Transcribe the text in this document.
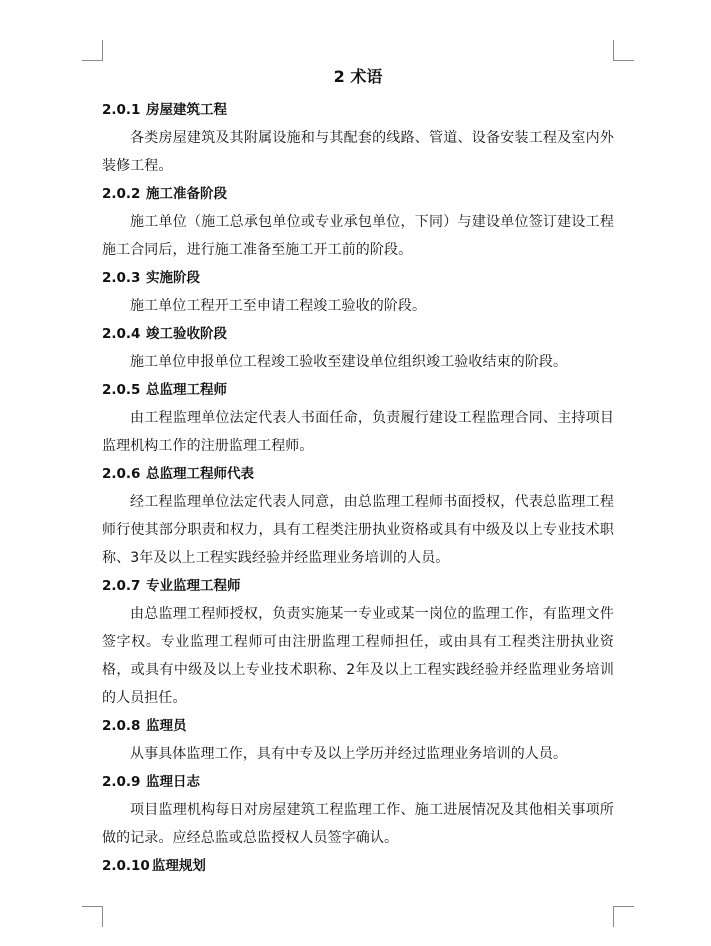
2 术语
2.0.1 房屋建筑工程

各类房屋建筑及其附属设施和与其配套的线路、管道、设备安装工程及室内外装修工程。

2.0.2 施工准备阶段

施工单位（施工总承包单位或专业承包单位，下同）与建设单位签订建设工程施工合同后，进行施工准备至施工开工前的阶段。

2.0.3 实施阶段

施工单位工程开工至申请工程竣工验收的阶段。

2.0.4 竣工验收阶段

施工单位申报单位工程竣工验收至建设单位组织竣工验收结束的阶段。

2.0.5 总监理工程师

由工程监理单位法定代表人书面任命，负责履行建设工程监理合同、主持项目监理机构工作的注册监理工程师。

2.0.6 总监理工程师代表

经工程监理单位法定代表人同意，由总监理工程师书面授权，代表总监理工程师行使其部分职责和权力，具有工程类注册执业资格或具有中级及以上专业技术职称、3年及以上工程实践经验并经监理业务培训的人员。

2.0.7 专业监理工程师

由总监理工程师授权，负责实施某一专业或某一岗位的监理工作，有监理文件签字权。专业监理工程师可由注册监理工程师担任，或由具有工程类注册执业资格，或具有中级及以上专业技术职称、2年及以上工程实践经验并经监理业务培训的人员担任。

2.0.8 监理员

从事具体监理工作，具有中专及以上学历并经过监理业务培训的人员。

2.0.9 监理日志

项目监理机构每日对房屋建筑工程监理工作、施工进展情况及其他相关事项所做的记录。应经总监或总监授权人员签字确认。

2.0.10 监理规划
